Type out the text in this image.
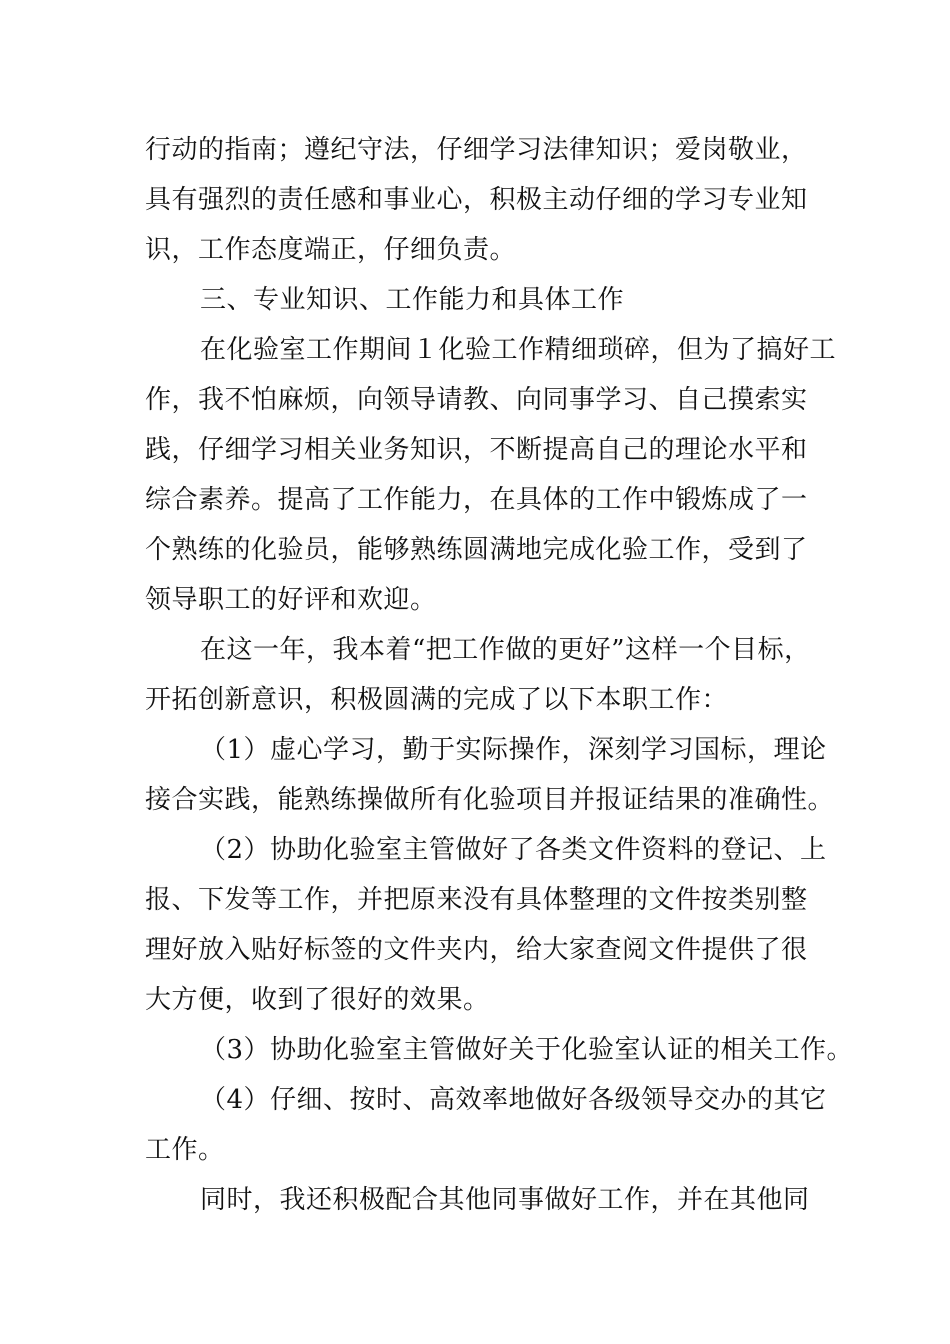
行动的指南；遵纪守法，仔细学习法律知识；爱岗敬业，
具有强烈的责任感和事业心，积极主动仔细的学习专业知
识，工作态度端正，仔细负责。
三、专业知识、工作能力和具体工作
在化验室工作期间１化验工作精细琐碎，但为了搞好工
作，我不怕麻烦，向领导请教、向同事学习、自己摸索实
践，仔细学习相关业务知识，不断提高自己的理论水平和
综合素养。提高了工作能力，在具体的工作中锻炼成了一
个熟练的化验员，能够熟练圆满地完成化验工作，受到了
领导职工的好评和欢迎。
在这一年，我本着“把工作做的更好”这样一个目标，
开拓创新意识，积极圆满的完成了以下本职工作：
（1）虚心学习，勤于实际操作，深刻学习国标，理论
接合实践，能熟练操做所有化验项目并报证结果的准确性。
（2）协助化验室主管做好了各类文件资料的登记、上
报、下发等工作，并把原来没有具体整理的文件按类别整
理好放入贴好标签的文件夹内，给大家查阅文件提供了很
大方便，收到了很好的效果。
（3）协助化验室主管做好关于化验室认证的相关工作。
（4）仔细、按时、高效率地做好各级领导交办的其它
工作。
同时，我还积极配合其他同事做好工作，并在其他同
